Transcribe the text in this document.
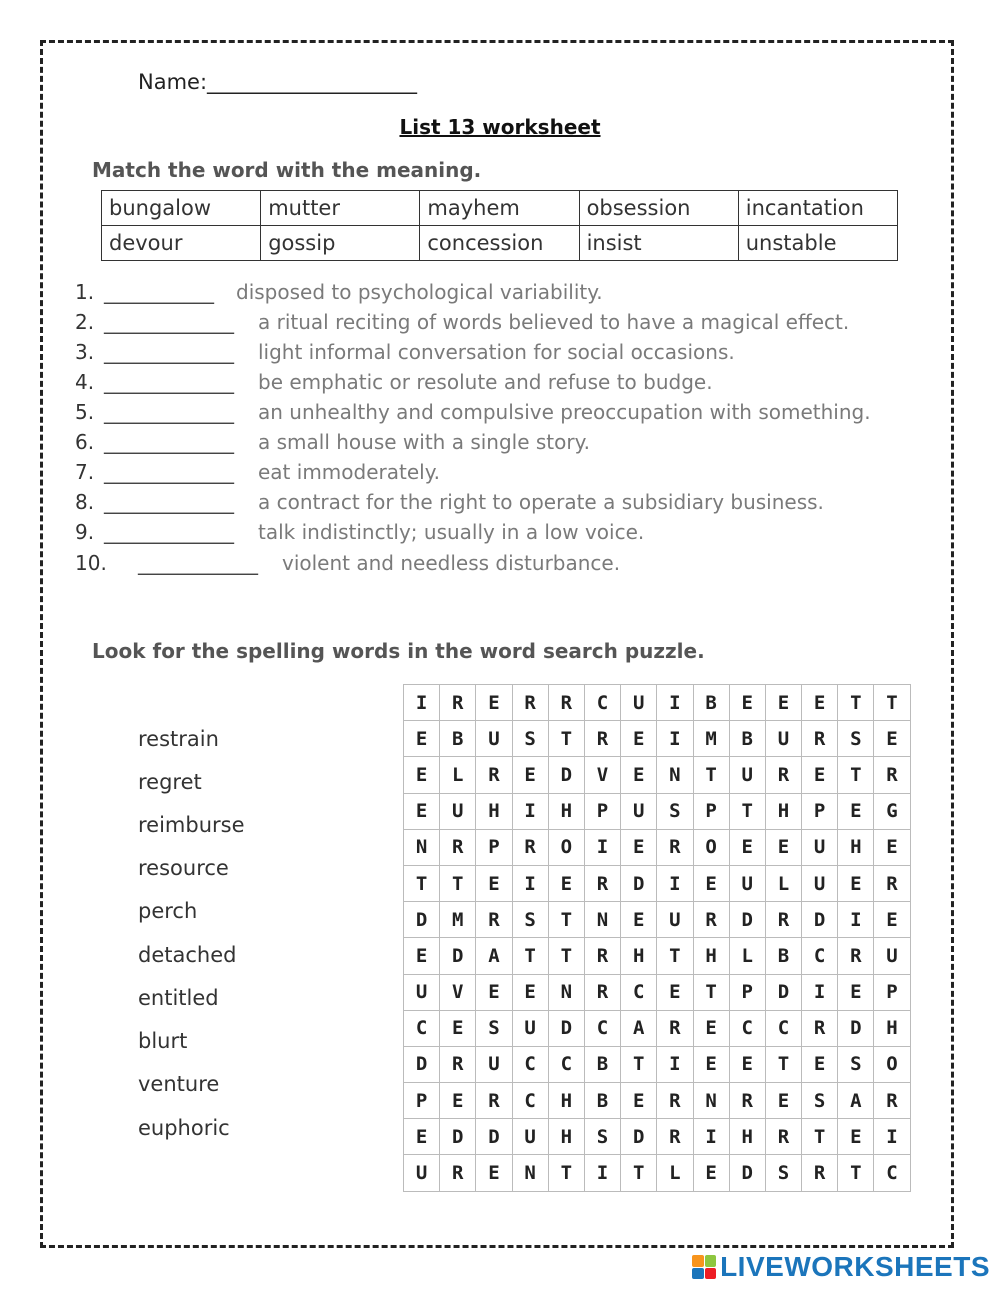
Name:____________________
List 13 worksheet
Match the word with the meaning.
bungalow	mutter	mayhem	obsession	incantation
devour	gossip	concession	insist	unstable
1. ___________ disposed to psychological variability.
2. _____________ a ritual reciting of words believed to have a magical effect.
3. _____________ light informal conversation for social occasions.
4. _____________ be emphatic or resolute and refuse to budge.
5. _____________ an unhealthy and compulsive preoccupation with something.
6. _____________ a small house with a single story.
7. _____________ eat immoderately.
8. _____________ a contract for the right to operate a subsidiary business.
9. _____________ talk indistinctly; usually in a low voice.
10. ____________ violent and needless disturbance.
Look for the spelling words in the word search puzzle.
restrain
regret
reimburse
resource
perch
detached
entitled
blurt
venture
euphoric
I	R	E	R	R	C	U	I	B	E	E	E	T	T
E	B	U	S	T	R	E	I	M	B	U	R	S	E
E	L	R	E	D	V	E	N	T	U	R	E	T	R
E	U	H	I	H	P	U	S	P	T	H	P	E	G
N	R	P	R	O	I	E	R	O	E	E	U	H	E
T	T	E	I	E	R	D	I	E	U	L	U	E	R
D	M	R	S	T	N	E	U	R	D	R	D	I	E
E	D	A	T	T	R	H	T	H	L	B	C	R	U
U	V	E	E	N	R	C	E	T	P	D	I	E	P
C	E	S	U	D	C	A	R	E	C	C	R	D	H
D	R	U	C	C	B	T	I	E	E	T	E	S	O
P	E	R	C	H	B	E	R	N	R	E	S	A	R
E	D	D	U	H	S	D	R	I	H	R	T	E	I
U	R	E	N	T	I	T	L	E	D	S	R	T	C
LIVEWORKSHEETS
